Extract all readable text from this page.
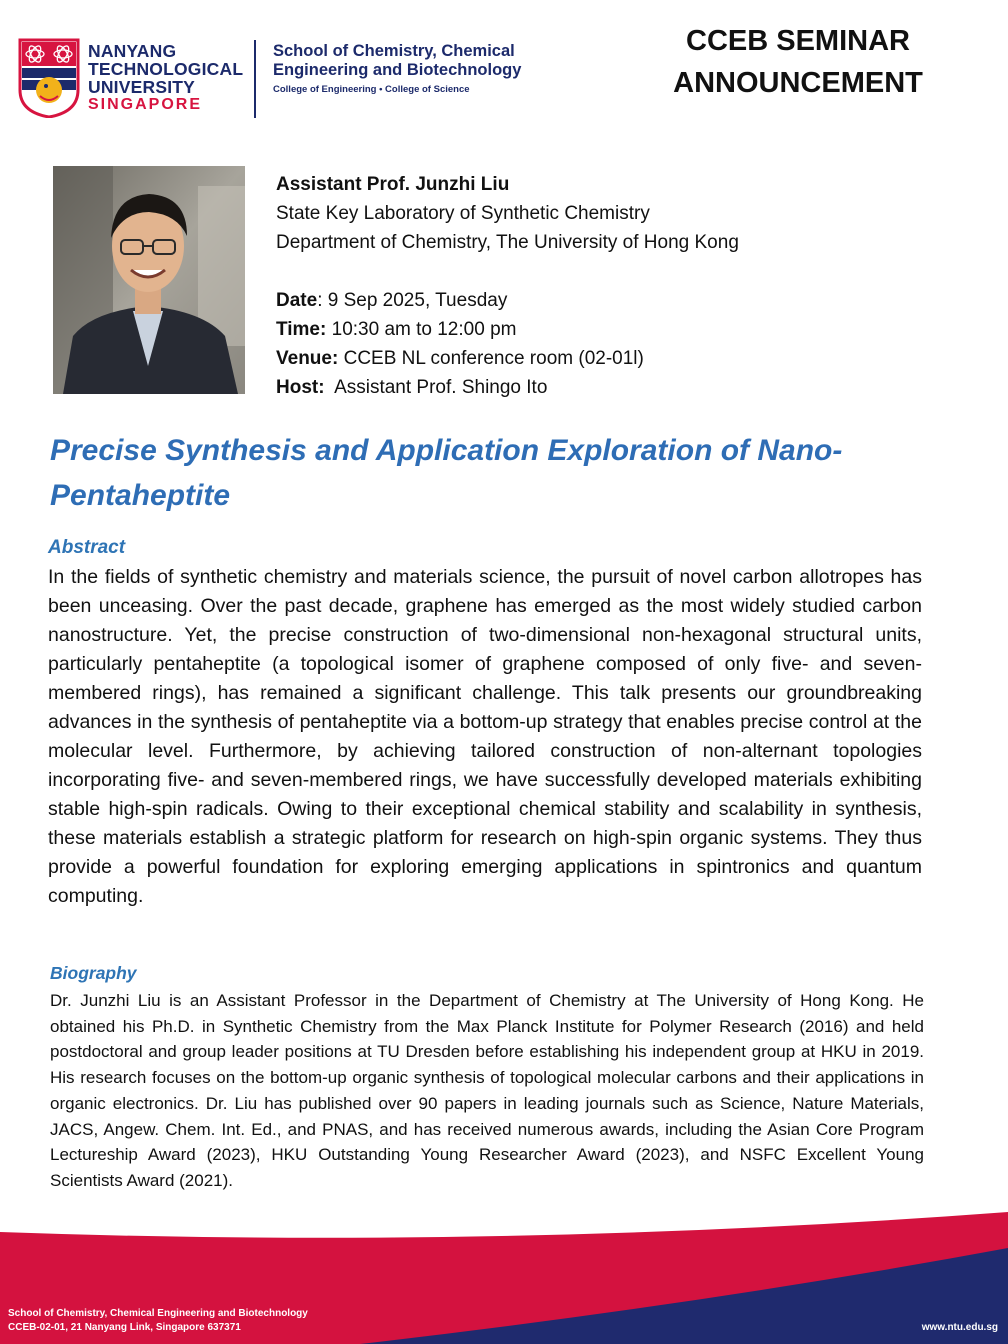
NANYANG
TECHNOLOGICAL
UNIVERSITY
SINGAPORE
School of Chemistry, Chemical
Engineering and Biotechnology
College of Engineering • College of Science
CCEB SEMINAR
ANNOUNCEMENT
Assistant Prof. Junzhi Liu
State Key Laboratory of Synthetic Chemistry
Department of Chemistry, The University of Hong Kong
Date: 9 Sep 2025, Tuesday
Time: 10:30 am to 12:00 pm
Venue: CCEB NL conference room (02-01l)
Host:  Assistant Prof. Shingo Ito
Precise Synthesis and Application Exploration of Nano-Pentaheptite
Abstract
In the fields of synthetic chemistry and materials science, the pursuit of novel carbon allotropes has been unceasing. Over the past decade, graphene has emerged as the most widely studied carbon nanostructure. Yet, the precise construction of two-dimensional non-hexagonal structural units, particularly pentaheptite (a topological isomer of graphene composed of only five- and seven-membered rings), has remained a significant challenge. This talk presents our groundbreaking advances in the synthesis of pentaheptite via a bottom-up strategy that enables precise control at the molecular level. Furthermore, by achieving tailored construction of non-alternant topologies incorporating five- and seven-membered rings, we have successfully developed materials exhibiting stable high-spin radicals. Owing to their exceptional chemical stability and scalability in synthesis, these materials establish a strategic platform for research on high-spin organic systems. They thus provide a powerful foundation for exploring emerging applications in spintronics and quantum computing.
Biography
Dr. Junzhi Liu is an Assistant Professor in the Department of Chemistry at The University of Hong Kong. He obtained his Ph.D. in Synthetic Chemistry from the Max Planck Institute for Polymer Research (2016) and held postdoctoral and group leader positions at TU Dresden before establishing his independent group at HKU in 2019. His research focuses on the bottom-up organic synthesis of topological molecular carbons and their applications in organic electronics. Dr. Liu has published over 90 papers in leading journals such as Science, Nature Materials, JACS, Angew. Chem. Int. Ed., and PNAS, and has received numerous awards, including the Asian Core Program Lectureship Award (2023), HKU Outstanding Young Researcher Award (2023), and NSFC Excellent Young Scientists Award (2021).
School of Chemistry, Chemical Engineering and Biotechnology
CCEB-02-01, 21 Nanyang Link, Singapore 637371	www.ntu.edu.sg
